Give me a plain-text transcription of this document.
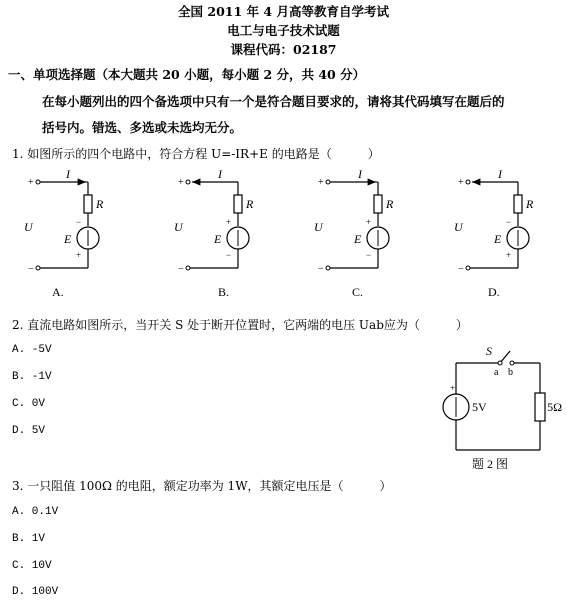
全国 2011 年 4 月高等教育自学考试
电工与电子技术试题
课程代码：02187
一、单项选择题（本大题共 20 小题，每小题 2 分，共 40 分）
在每小题列出的四个备选项中只有一个是符合题目要求的，请将其代码填写在题后的
括号内。错选、多选或未选均无分。
1. 如图所示的四个电路中，符合方程 U=-IR+E 的电路是（　　　）
+
−
I
R
U
E
−
+
A.
+
−
I
R
U
E
+
−
B.
+
−
I
R
U
E
+
−
C.
+
−
I
R
U
E
−
+
D.
2. 直流电路如图所示，当开关 S 处于断开位置时，它两端的电压 Uab应为（　　　）
A. -5V
B. -1V
C. 0V
D. 5V
+
S
a b
5V	5Ω
题 2 图
3. 一只阻值 100Ω 的电阻，额定功率为 1W，其额定电压是（　　　）
A. 0.1V
B. 1V
C. 10V
D. 100V
